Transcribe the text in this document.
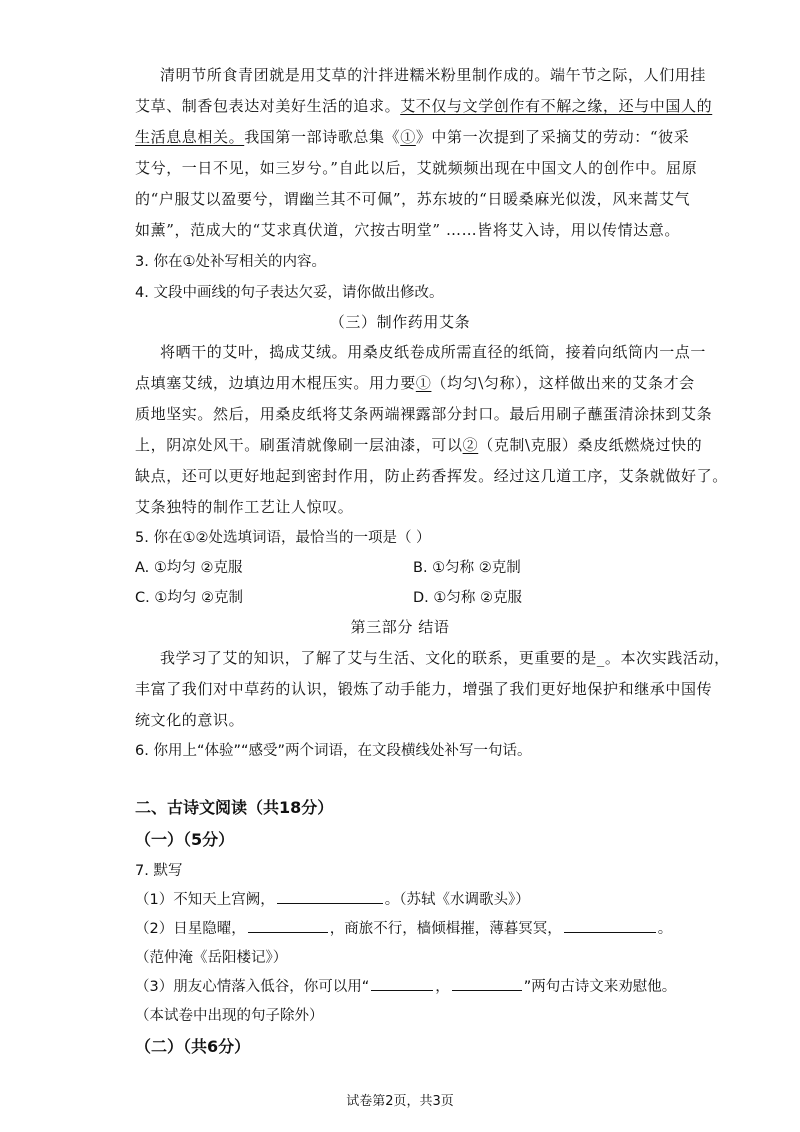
清明节所食青团就是用艾草的汁拌进糯米粉里制作成的。端午节之际，人们用挂
艾草、制香包表达对美好生活的追求。艾不仅与文学创作有不解之缘，还与中国人的
生活息息相关。我国第一部诗歌总集《①》中第一次提到了采摘艾的劳动：“彼采
艾兮，一日不见，如三岁兮。”自此以后，艾就频频出现在中国文人的创作中。屈原
的“户服艾以盈要兮，谓幽兰其不可佩”，苏东坡的“日暖桑麻光似泼，风来蒿艾气
如薰”，范成大的“艾求真伏道，穴按古明堂” ……皆将艾入诗，用以传情达意。
3. 你在①处补写相关的内容。
4. 文段中画线的句子表达欠妥，请你做出修改。
（三）制作药用艾条
将晒干的艾叶，捣成艾绒。用桑皮纸卷成所需直径的纸筒，接着向纸筒内一点一
点填塞艾绒，边填边用木棍压实。用力要①（均匀\匀称），这样做出来的艾条才会
质地坚实。然后，用桑皮纸将艾条两端裸露部分封口。最后用刷子蘸蛋清涂抹到艾条
上，阴凉处风干。刷蛋清就像刷一层油漆，可以②（克制\克服）桑皮纸燃烧过快的
缺点，还可以更好地起到密封作用，防止药香挥发。经过这几道工序，艾条就做好了。
艾条独特的制作工艺让人惊叹。
5. 你在①②处选填词语，最恰当的一项是（ ）
A. ①均匀 ②克服	B. ①匀称 ②克制
C. ①均匀 ②克制	D. ①匀称 ②克服
第三部分 结语
我学习了艾的知识，了解了艾与生活、文化的联系，更重要的是_。本次实践活动，
丰富了我们对中草药的认识，锻炼了动手能力，增强了我们更好地保护和继承中国传
统文化的意识。
6. 你用上“体验”“感受”两个词语，在文段横线处补写一句话。
二、古诗文阅读（共18分）
（一）（5分）
7. 默写
（1）不知天上宫阙，	。（苏轼《水调歌头》）
（2）日星隐曜，	，商旅不行，樯倾楫摧，薄暮冥冥，	。
（范仲淹《岳阳楼记》）
（3）朋友心情落入低谷，你可以用“	，	”两句古诗文来劝慰他。
（本试卷中出现的句子除外）
（二）（共6分）
试卷第2页，共3页
